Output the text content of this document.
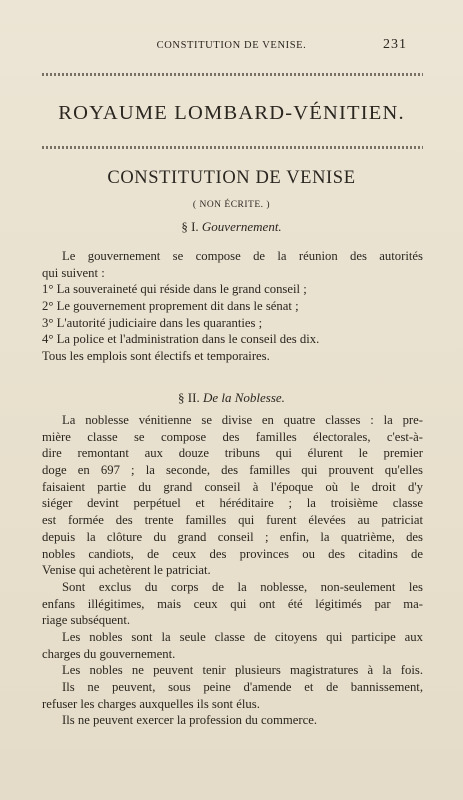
CONSTITUTION DE VENISE.	231
ROYAUME LOMBARD-VÉNITIEN.
CONSTITUTION DE VENISE
( NON ÉCRITE. )
§ I. Gouvernement.
Le gouvernement se compose de la réunion des autorités
qui suivent :
1° La souveraineté qui réside dans le grand conseil ;
2° Le gouvernement proprement dit dans le sénat ;
3° L'autorité judiciaire dans les quaranties ;
4° La police et l'administration dans le conseil des dix.
Tous les emplois sont électifs et temporaires.
§ II. De la Noblesse.
La noblesse vénitienne se divise en quatre classes : la pre-
mière classe se compose des familles électorales, c'est-à-
dire remontant aux douze tribuns qui élurent le premier
doge en 697 ; la seconde, des familles qui prouvent qu'elles
faisaient partie du grand conseil à l'époque où le droit d'y
siéger devint perpétuel et héréditaire ; la troisième classe
est formée des trente familles qui furent élevées au patriciat
depuis la clôture du grand conseil ; enfin, la quatrième, des
nobles candiots, de ceux des provinces ou des citadins de
Venise qui achetèrent le patriciat.
Sont exclus du corps de la noblesse, non-seulement les
enfans illégitimes, mais ceux qui ont été légitimés par ma-
riage subséquent.
Les nobles sont la seule classe de citoyens qui participe aux
charges du gouvernement.
Les nobles ne peuvent tenir plusieurs magistratures à la fois.
Ils ne peuvent, sous peine d'amende et de bannissement,
refuser les charges auxquelles ils sont élus.
Ils ne peuvent exercer la profession du commerce.
